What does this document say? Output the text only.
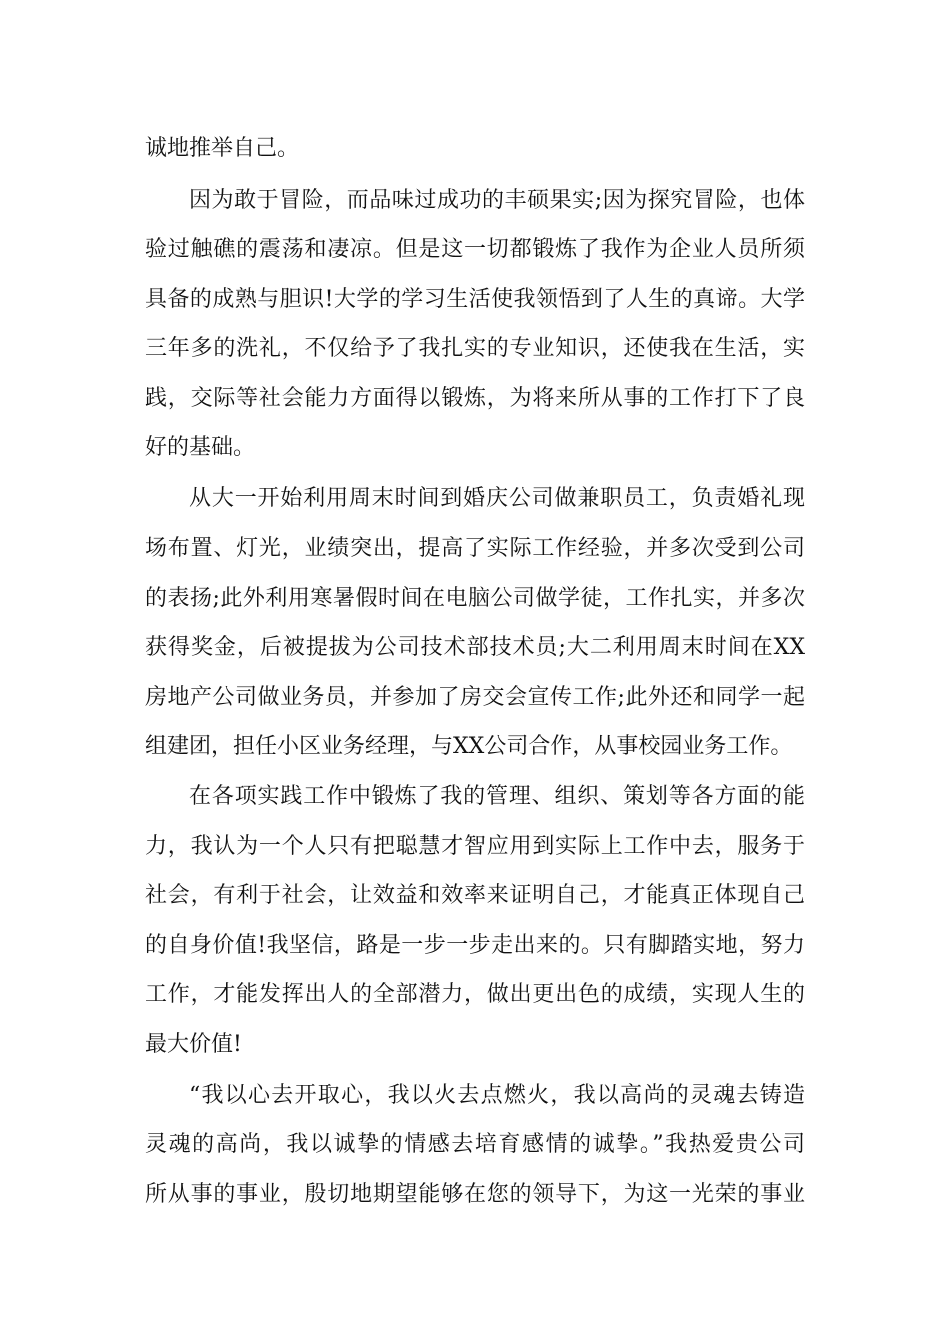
诚地推举自己。

因为敢于冒险，而品味过成功的丰硕果实;因为探究冒险，也体

验过触礁的震荡和凄凉。但是这一切都锻炼了我作为企业人员所须

具备的成熟与胆识!大学的学习生活使我领悟到了人生的真谛。大学

三年多的洗礼，不仅给予了我扎实的专业知识，还使我在生活，实

践，交际等社会能力方面得以锻炼，为将来所从事的工作打下了良

好的基础。

从大一开始利用周末时间到婚庆公司做兼职员工，负责婚礼现

场布置、灯光，业绩突出，提高了实际工作经验，并多次受到公司

的表扬;此外利用寒暑假时间在电脑公司做学徒，工作扎实，并多次

获得奖金，后被提拔为公司技术部技术员;大二利用周末时间在XX

房地产公司做业务员，并参加了房交会宣传工作;此外还和同学一起

组建团，担任小区业务经理，与XX公司合作，从事校园业务工作。

在各项实践工作中锻炼了我的管理、组织、策划等各方面的能

力，我认为一个人只有把聪慧才智应用到实际上工作中去，服务于

社会，有利于社会，让效益和效率来证明自己，才能真正体现自己

的自身价值!我坚信，路是一步一步走出来的。只有脚踏实地，努力

工作，才能发挥出人的全部潜力，做出更出色的成绩，实现人生的

最大价值!

“我以心去开取心，我以火去点燃火，我以高尚的灵魂去铸造

灵魂的高尚，我以诚挚的情感去培育感情的诚挚。”我热爱贵公司

所从事的事业，殷切地期望能够在您的领导下，为这一光荣的事业
